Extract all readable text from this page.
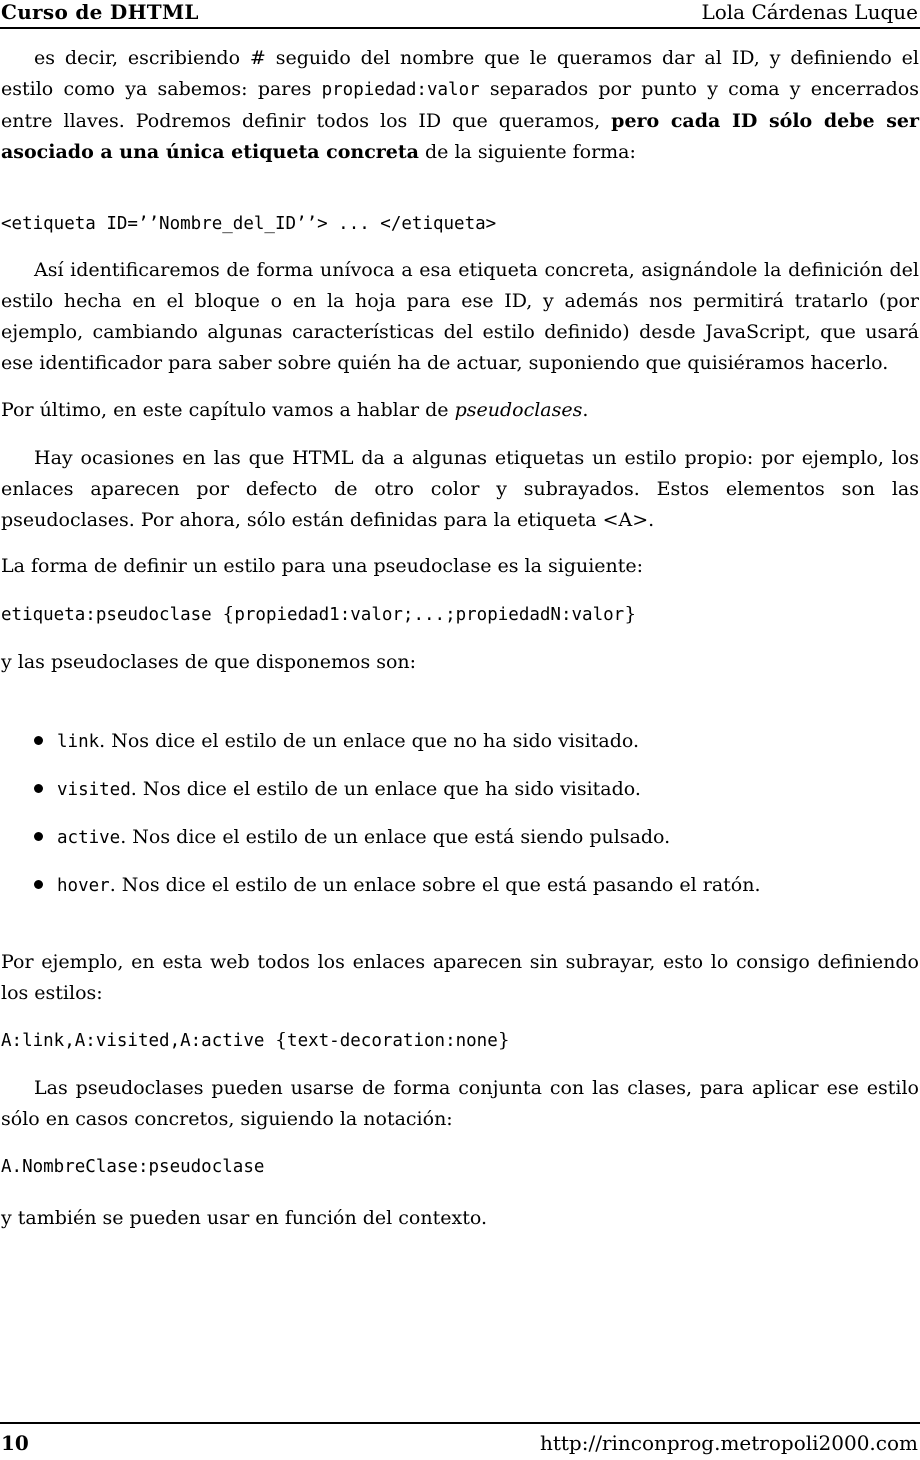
Curso de DHTML	Lola Cárdenas Luque
es decir, escribiendo # seguido del nombre que le queramos dar al ID, y definiendo el estilo como ya sabemos: pares propiedad:valor separados por punto y coma y encerrados entre llaves. Podremos definir todos los ID que queramos, pero cada ID sólo debe ser asociado a una única etiqueta concreta de la siguiente forma:
<etiqueta ID=’’Nombre_del_ID’’> ... </etiqueta>
Así identificaremos de forma unívoca a esa etiqueta concreta, asignándole la definición del estilo hecha en el bloque o en la hoja para ese ID, y además nos permitirá tratarlo (por ejemplo, cambiando algunas características del estilo definido) desde JavaScript, que usará ese identificador para saber sobre quién ha de actuar, suponiendo que quisiéramos hacerlo.
Por último, en este capítulo vamos a hablar de pseudoclases.
Hay ocasiones en las que HTML da a algunas etiquetas un estilo propio: por ejemplo, los enlaces aparecen por defecto de otro color y subrayados. Estos elementos son las pseudoclases. Por ahora, sólo están definidas para la etiqueta <A>.
La forma de definir un estilo para una pseudoclase es la siguiente:
etiqueta:pseudoclase {propiedad1:valor;...;propiedadN:valor}
y las pseudoclases de que disponemos son:
link. Nos dice el estilo de un enlace que no ha sido visitado.
visited. Nos dice el estilo de un enlace que ha sido visitado.
active. Nos dice el estilo de un enlace que está siendo pulsado.
hover. Nos dice el estilo de un enlace sobre el que está pasando el ratón.
Por ejemplo, en esta web todos los enlaces aparecen sin subrayar, esto lo consigo definiendo los estilos:
A:link,A:visited,A:active {text-decoration:none}
Las pseudoclases pueden usarse de forma conjunta con las clases, para aplicar ese estilo sólo en casos concretos, siguiendo la notación:
A.NombreClase:pseudoclase
y también se pueden usar en función del contexto.
10	http://rinconprog.metropoli2000.com
